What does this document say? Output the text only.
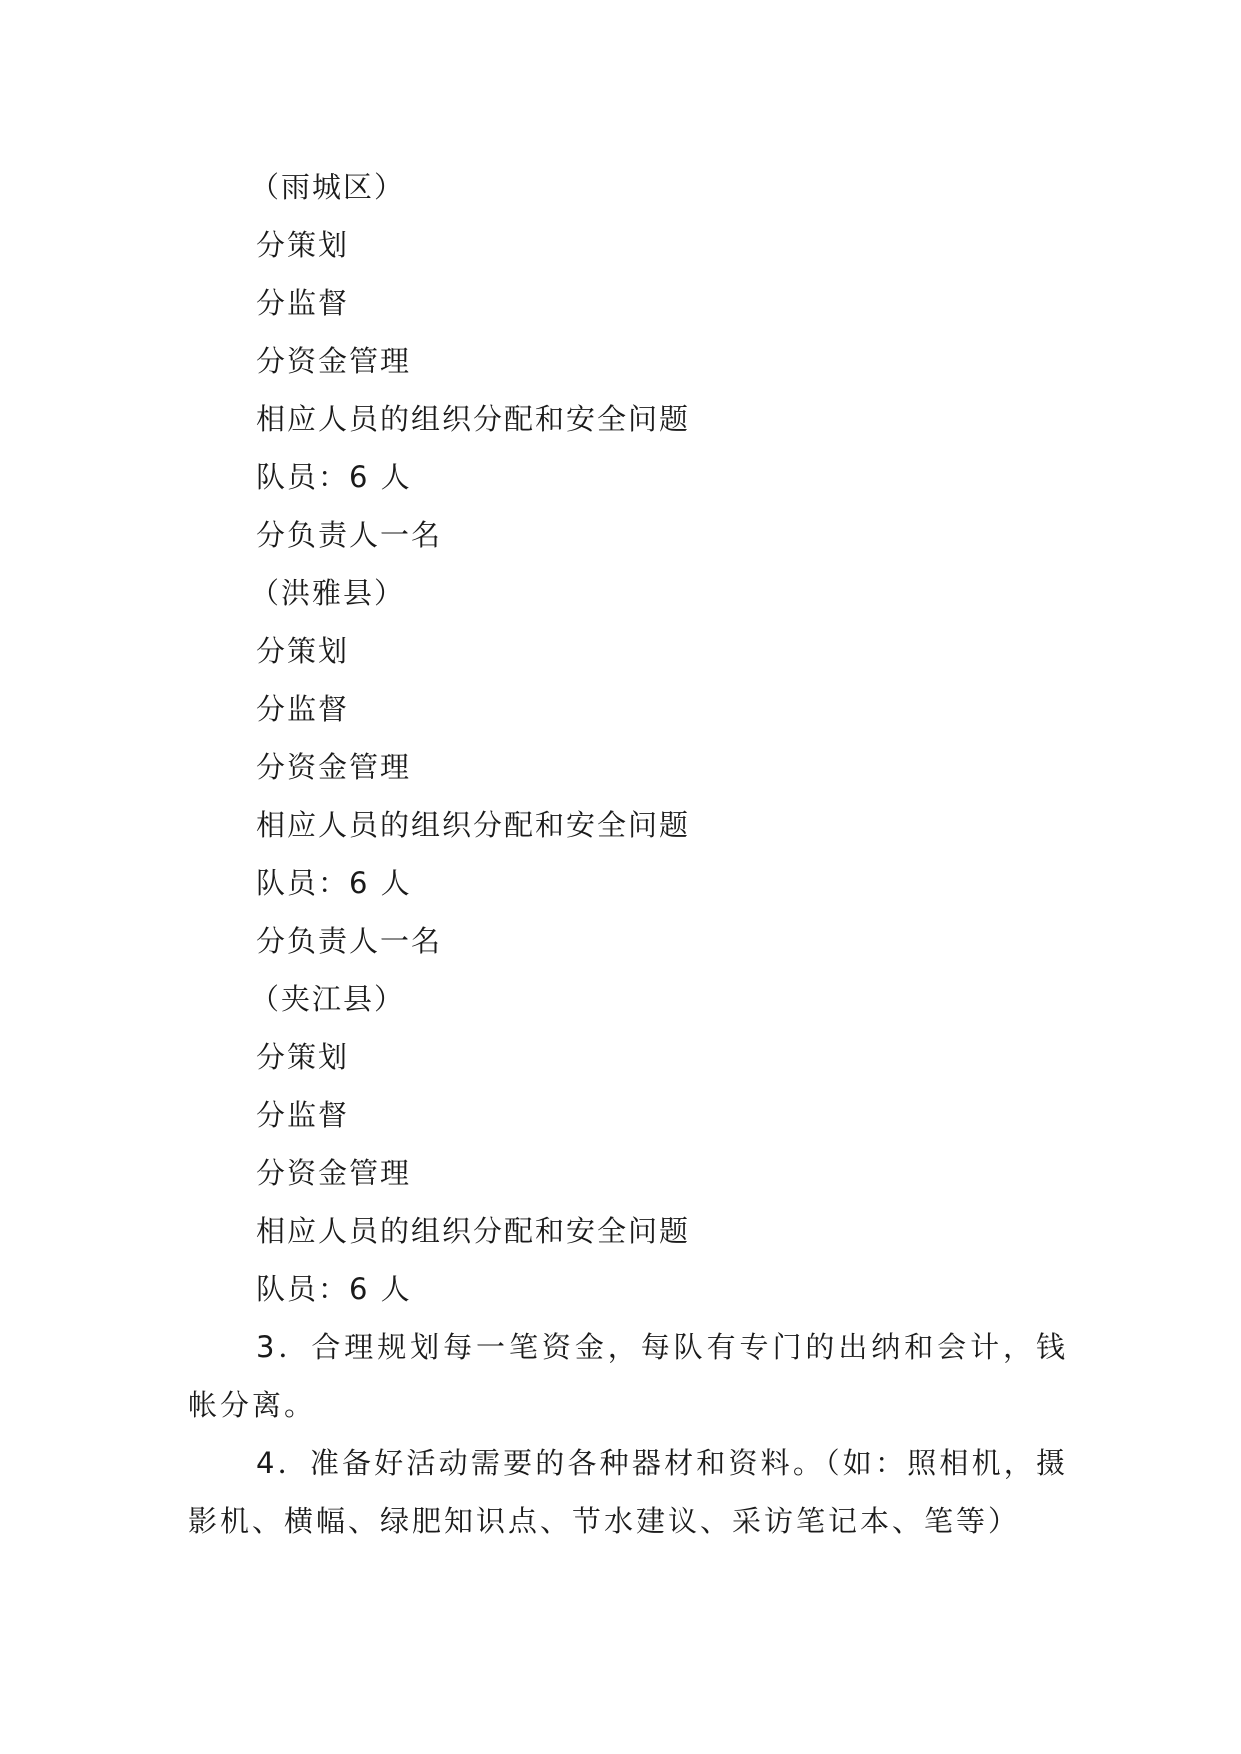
（雨城区）
分策划
分监督
分资金管理
相应人员的组织分配和安全问题
队员：6 人
分负责人一名
（洪雅县）
分策划
分监督
分资金管理
相应人员的组织分配和安全问题
队员：6 人
分负责人一名
（夹江县）
分策划
分监督
分资金管理
相应人员的组织分配和安全问题
队员：6 人
3．合理规划每一笔资金，每队有专门的出纳和会计，钱帐分离。
4．准备好活动需要的各种器材和资料。（如：照相机，摄影机、横幅、绿肥知识点、节水建议、采访笔记本、笔等）
